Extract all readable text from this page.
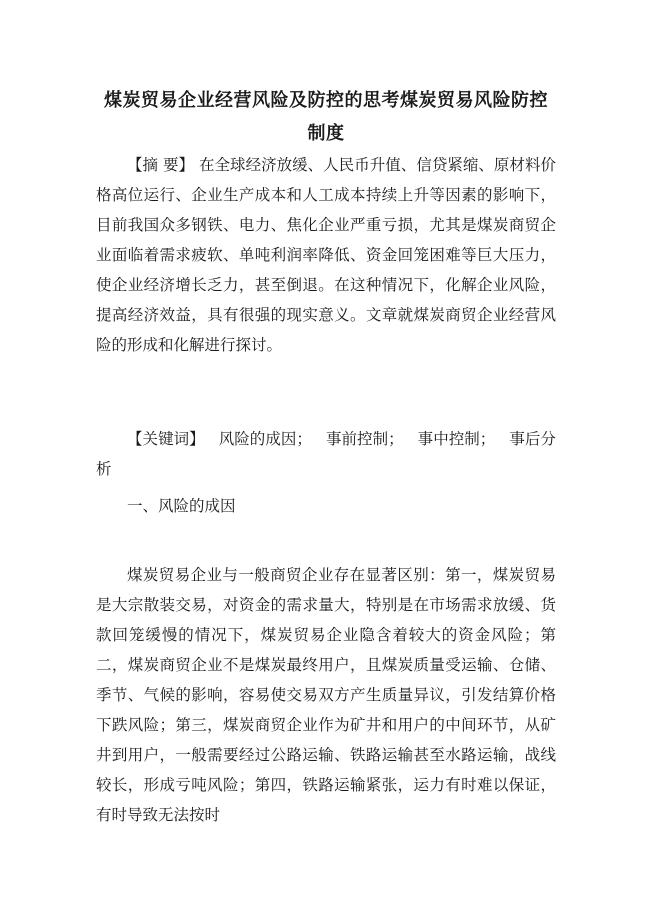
煤炭贸易企业经营风险及防控的思考煤炭贸易风险防控制度

【摘 要】 在全球经济放缓、人民币升值、信贷紧缩、原材料价格高位运行、企业生产成本和人工成本持续上升等因素的影响下，目前我国众多钢铁、电力、焦化企业严重亏损，尤其是煤炭商贸企业面临着需求疲软、单吨利润率降低、资金回笼困难等巨大压力，使企业经济增长乏力，甚至倒退。在这种情况下，化解企业风险，提高经济效益，具有很强的现实意义。文章就煤炭商贸企业经营风险的形成和化解进行探讨。

【关键词】 风险的成因； 事前控制； 事中控制； 事后分析

一、风险的成因

煤炭贸易企业与一般商贸企业存在显著区别：第一，煤炭贸易是大宗散装交易，对资金的需求量大，特别是在市场需求放缓、货款回笼缓慢的情况下，煤炭贸易企业隐含着较大的资金风险；第二，煤炭商贸企业不是煤炭最终用户，且煤炭质量受运输、仓储、季节、气候的影响，容易使交易双方产生质量异议，引发结算价格下跌风险；第三，煤炭商贸企业作为矿井和用户的中间环节，从矿井到用户，一般需要经过公路运输、铁路运输甚至水路运输，战线较长，形成亏吨风险；第四，铁路运输紧张，运力有时难以保证，有时导致无法按时
